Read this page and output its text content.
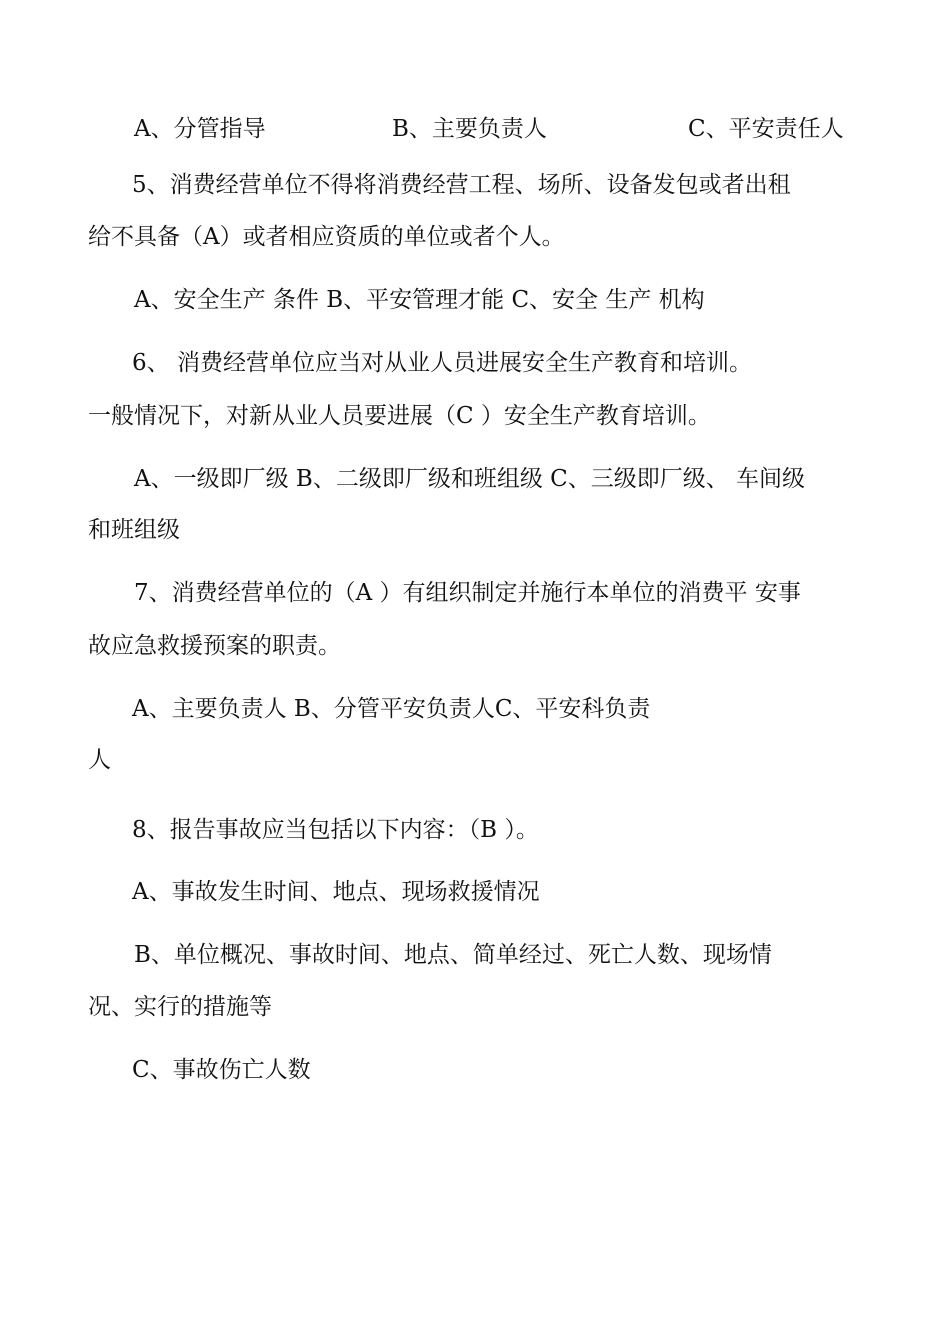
A、分管指导	B、主要负责人	C、平安责任人

5、消费经营单位不得将消费经营工程、场所、设备发包或者出租

给不具备（A）或者相应资质的单位或者个人。

A、安全生产 条件 B、平安管理才能 C、安全 生产 机构

6、 消费经营单位应当对从业人员进展安全生产教育和培训。

一般情况下，对新从业人员要进展（C ）安全生产教育培训。

A、一级即厂级 B、二级即厂级和班组级 C、三级即厂级、 车间级

和班组级

7、消费经营单位的（A ）有组织制定并施行本单位的消费平 安事

故应急救援预案的职责。

A、主要负责人 B、分管平安负责人C、平安科负责

人

8、报告事故应当包括以下内容：（B ）。

A、事故发生时间、地点、现场救援情况

B、单位概况、事故时间、地点、简单经过、死亡人数、现场情

况、实行的措施等

C、事故伤亡人数
